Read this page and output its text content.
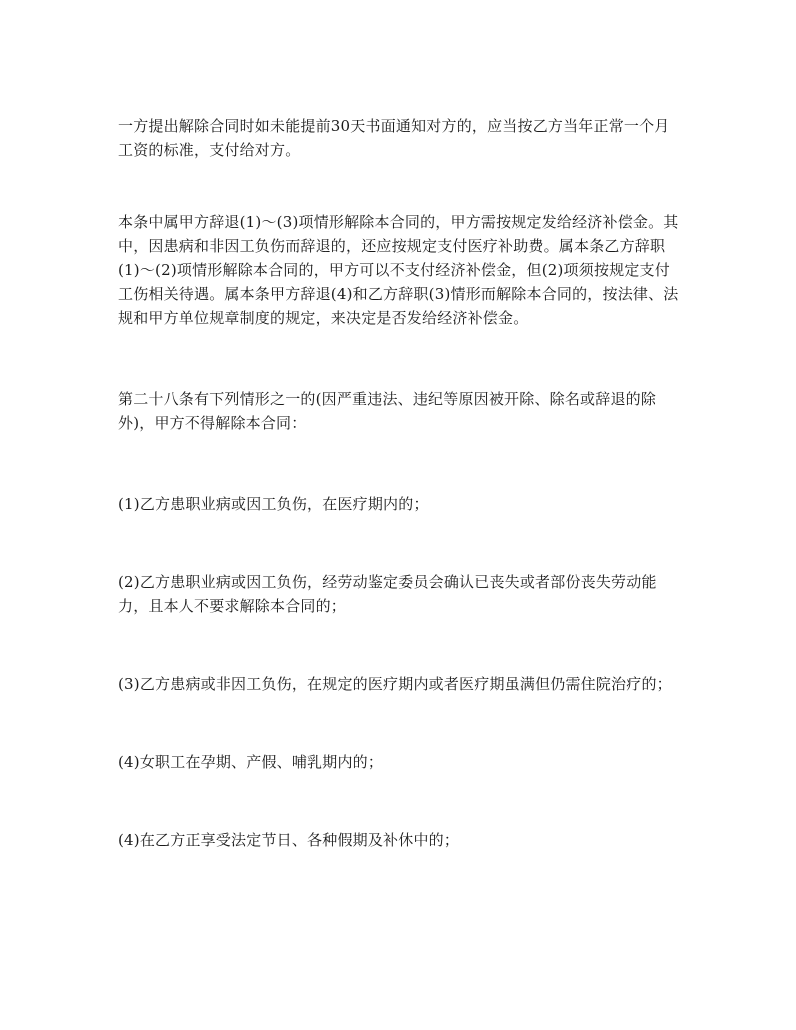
一方提出解除合同时如未能提前30天书面通知对方的，应当按乙方当年正常一个月工资的标准，支付给对方。

本条中属甲方辞退(1)～(3)项情形解除本合同的，甲方需按规定发给经济补偿金。其中，因患病和非因工负伤而辞退的，还应按规定支付医疗补助费。属本条乙方辞职(1)～(2)项情形解除本合同的，甲方可以不支付经济补偿金，但(2)项须按规定支付工伤相关待遇。属本条甲方辞退(4)和乙方辞职(3)情形而解除本合同的，按法律、法规和甲方单位规章制度的规定，来决定是否发给经济补偿金。

第二十八条有下列情形之一的(因严重违法、违纪等原因被开除、除名或辞退的除外)，甲方不得解除本合同：

(1)乙方患职业病或因工负伤，在医疗期内的；

(2)乙方患职业病或因工负伤，经劳动鉴定委员会确认已丧失或者部份丧失劳动能力，且本人不要求解除本合同的；

(3)乙方患病或非因工负伤，在规定的医疗期内或者医疗期虽满但仍需住院治疗的；

(4)女职工在孕期、产假、哺乳期内的；

(4)在乙方正享受法定节日、各种假期及补休中的；
